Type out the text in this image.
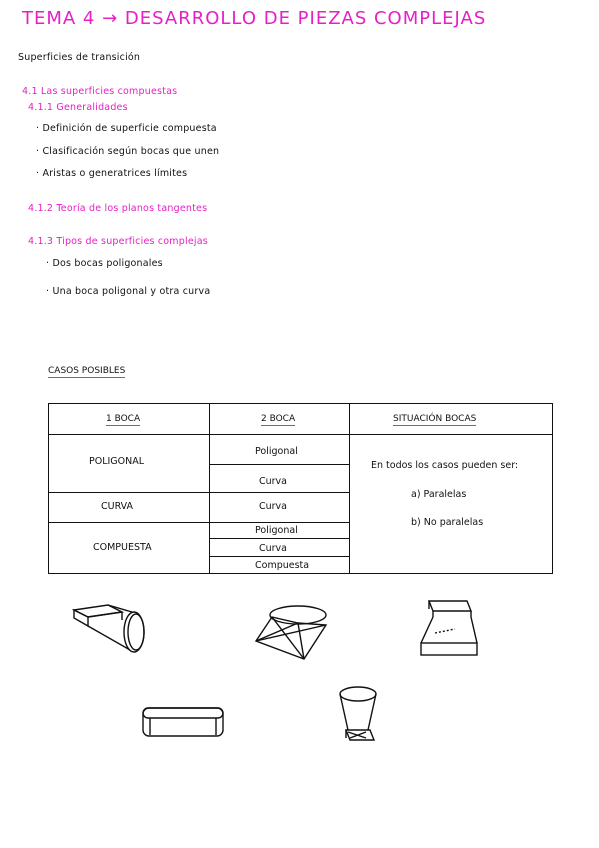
TEMA 4 → DESARROLLO DE PIEZAS COMPLEJAS
Superficies de transición
4.1 Las superficies compuestas
4.1.1 Generalidades
· Definición de superficie compuesta
· Clasificación según bocas que unen
· Aristas o generatrices límites
4.1.2 Teoría de los planos tangentes
4.1.3 Tipos de superficies complejas
· Dos bocas poligonales
· Una boca poligonal y otra curva
CASOS POSIBLES
1 BOCA	2 BOCA	SITUACIÓN BOCAS
POLIGONAL
CURVA
COMPUESTA
Poligonal
Curva
Curva
Poligonal
Curva
Compuesta
En todos los casos pueden ser:
a) Paralelas
b) No paralelas
